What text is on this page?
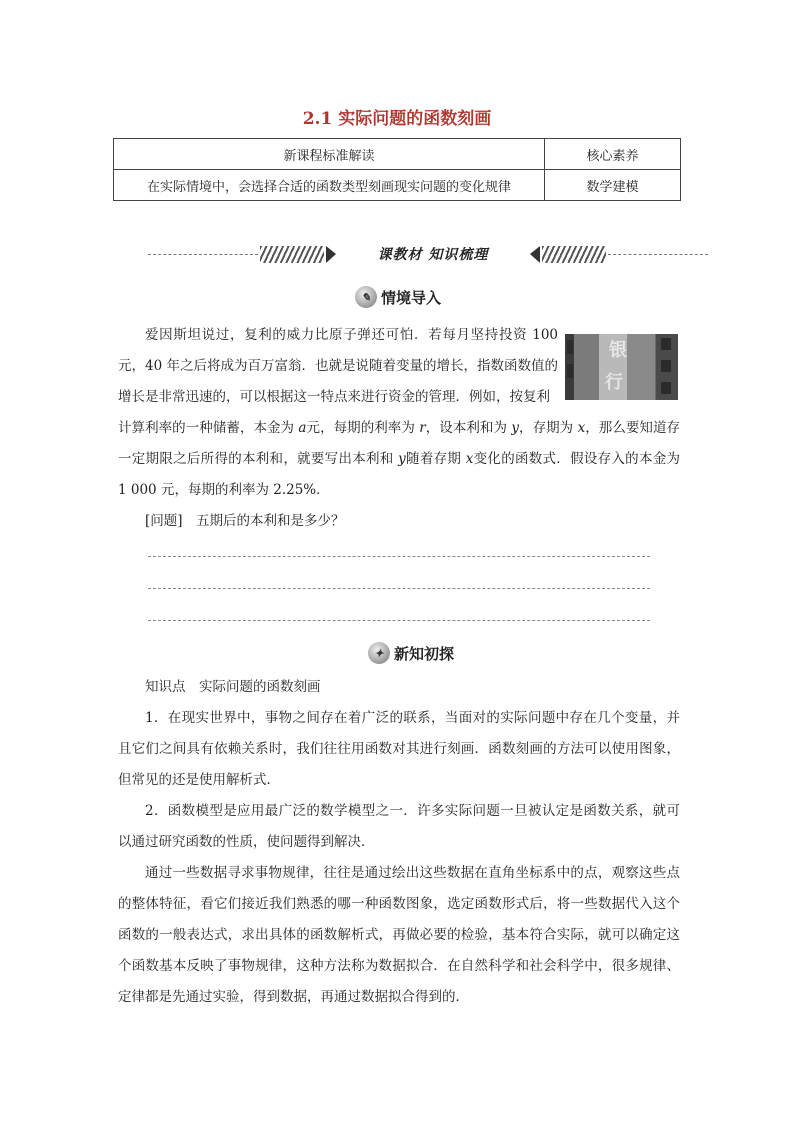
2.1 实际问题的函数刻画
新课程标准解读	核心素养
在实际情境中，会选择合适的函数类型刻画现实问题的变化规律	数学建模
课教材 知识梳理
✎ 情境导入
银
行

爱因斯坦说过，复利的威力比原子弹还可怕．若每月坚持投资 100 元，40 年之后将成为百万富翁．也就是说随着变量的增长，指数函数值的增长是非常迅速的，可以根据这一特点来进行资金的管理．例如，按复利

计算利率的一种储蓄，本金为 a元，每期的利率为 r，设本利和为 y，存期为 x，那么要知道存一定期限之后所得的本利和，就要写出本利和 y随着存期 x变化的函数式．假设存入的本金为 1 000 元，每期的利率为 2.25%．

[问题]　五期后的本利和是多少？

✦ 新知初探

知识点　实际问题的函数刻画

1．在现实世界中，事物之间存在着广泛的联系，当面对的实际问题中存在几个变量，并且它们之间具有依赖关系时，我们往往用函数对其进行刻画．函数刻画的方法可以使用图象，但常见的还是使用解析式．

2．函数模型是应用最广泛的数学模型之一．许多实际问题一旦被认定是函数关系，就可以通过研究函数的性质，使问题得到解决．

通过一些数据寻求事物规律，往往是通过绘出这些数据在直角坐标系中的点，观察这些点的整体特征，看它们接近我们熟悉的哪一种函数图象，选定函数形式后，将一些数据代入这个函数的一般表达式，求出具体的函数解析式，再做必要的检验，基本符合实际，就可以确定这个函数基本反映了事物规律，这种方法称为数据拟合．在自然科学和社会科学中，很多规律、定律都是先通过实验，得到数据，再通过数据拟合得到的．
